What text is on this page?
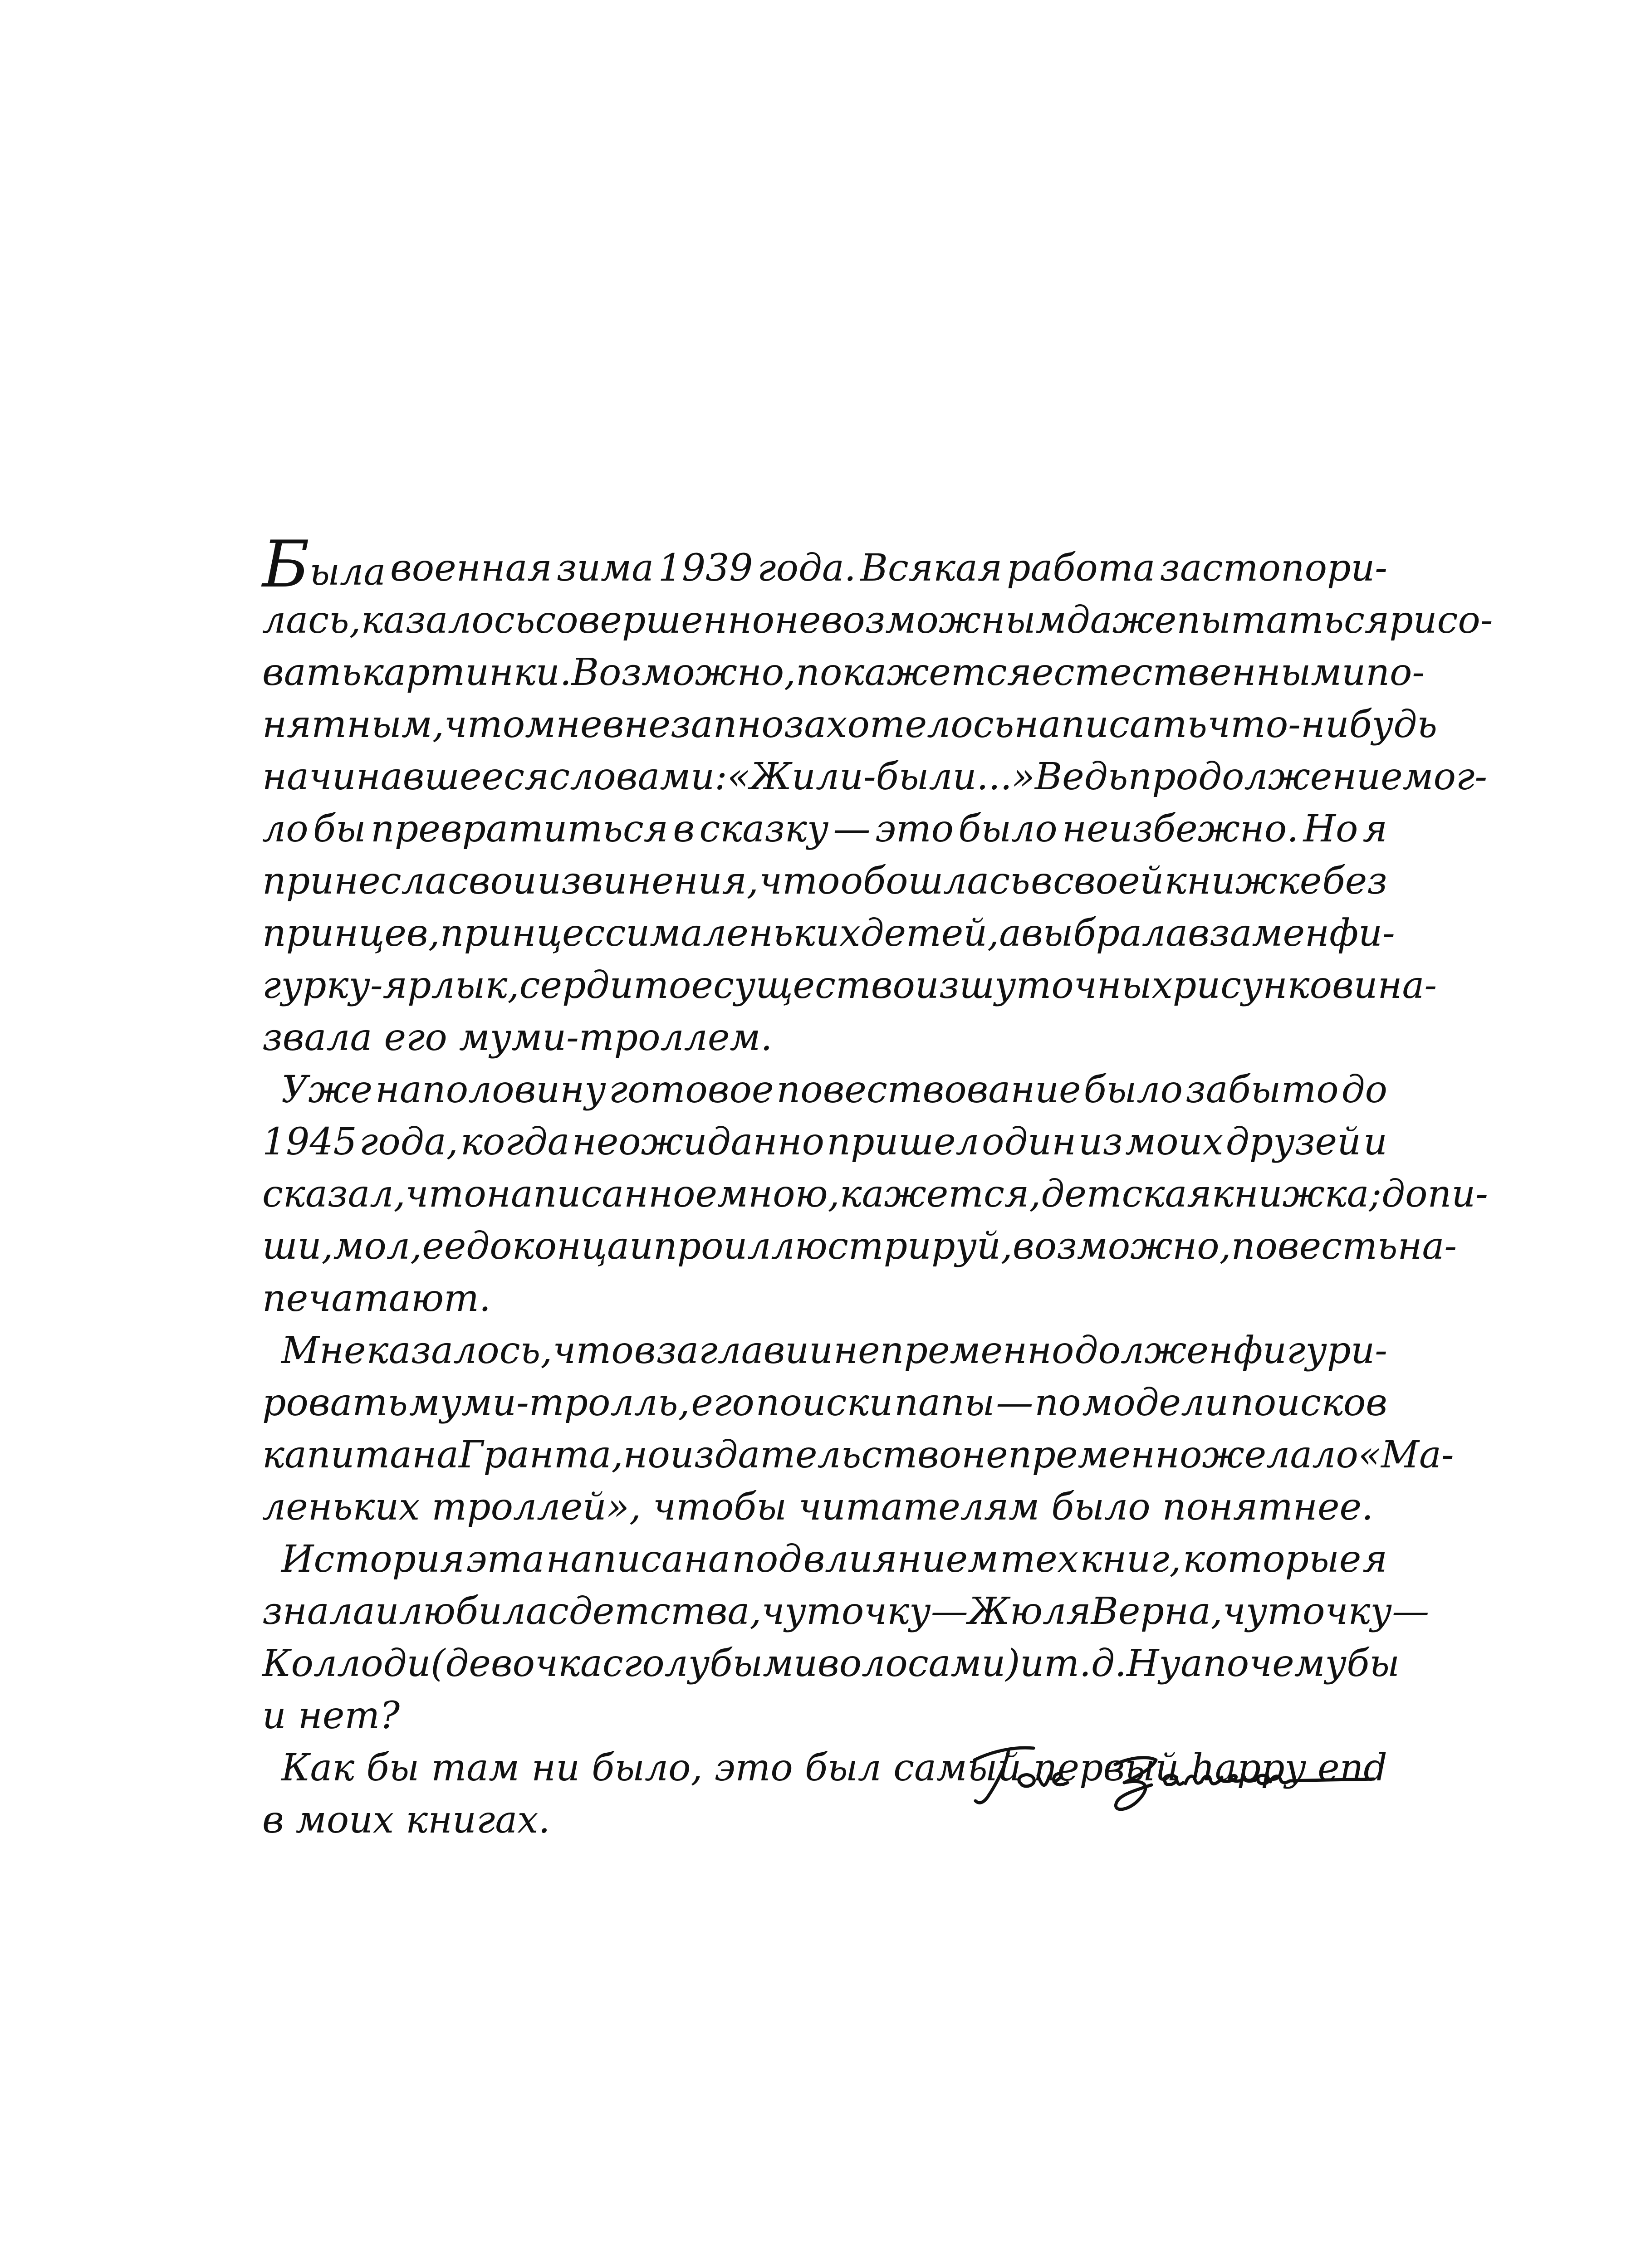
Была военная зима 1939 года. Всякая работа застопори-
лась, казалось совершенно невозможным даже пытаться рисо-
вать картинки. Возможно, покажется естественным и по-
нятным, что мне внезапно захотелось написать что-нибудь
начинавшееся словами: «Жили-были...» Ведь продолжение мог-
ло бы превратиться в сказку — это было неизбежно. Но я
принесла свои извинения, что обошлась в своей книжке без
принцев, принцесс и маленьких детей, а выбрала взамен фи-
гурку-ярлык, сердитое существо из шуточных рисунков и на-
звала его муми-троллем.
Уже наполовину готовое повествование было забыто до
1945 года, когда неожиданно пришел один из моих друзей и
сказал, что написанное мною, кажется, детская книжка; допи-
ши, мол, ее до конца и проиллюстрируй, возможно, повесть на-
печатают.
Мне казалось, что в заглавии непременно должен фигури-
ровать муми-тролль, его поиски папы — по модели поисков
капитана Гранта, но издательство непременно желало «Ма-
леньких троллей», чтобы читателям было понятнее.
История эта написана под влиянием тех книг, которые я
знала и любила с детства, чуточку — Жюля Верна, чуточку —
Коллоди (девочка с голубыми волосами) и т. д. Ну а почему бы
и нет?
Как бы там ни было, это был самый первый happy end
в моих книгах.
